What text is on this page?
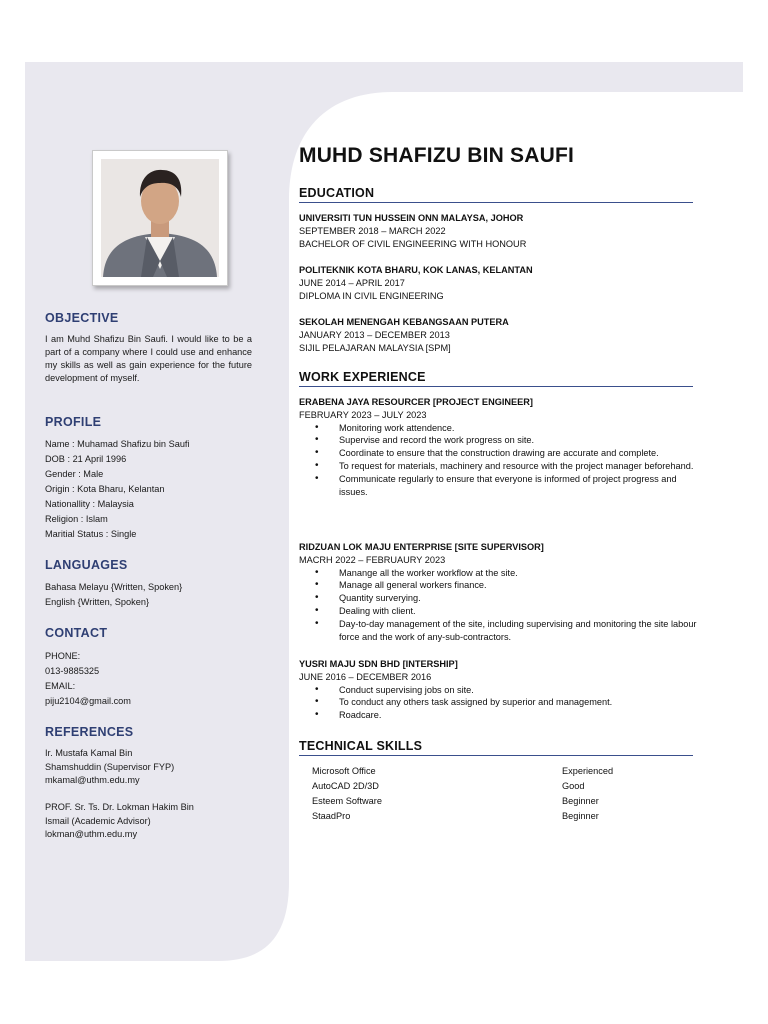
OBJECTIVE
I am Muhd Shafizu Bin Saufi. I would like to be a part of a company where I could use and enhance my skills as well as gain experience for the future development of myself.
PROFILE
Name : Muhamad Shafizu bin Saufi
DOB : 21 April 1996
Gender : Male
Origin : Kota Bharu, Kelantan
Nationallity : Malaysia
Religion : Islam
Maritial Status : Single
LANGUAGES
Bahasa Melayu {Written, Spoken}
English {Written, Spoken}
CONTACT
PHONE:
013-9885325
EMAIL:
piju2104@gmail.com
REFERENCES
Ir. Mustafa Kamal Bin
Shamshuddin (Supervisor FYP)
mkamal@uthm.edu.my
PROF. Sr. Ts. Dr. Lokman Hakim Bin
Ismail (Academic Advisor)
lokman@uthm.edu.my
MUHD SHAFIZU BIN SAUFI
EDUCATION
UNIVERSITI TUN HUSSEIN ONN MALAYSA, JOHOR
SEPTEMBER 2018 – MARCH 2022
BACHELOR OF CIVIL ENGINEERING WITH HONOUR
POLITEKNIK KOTA BHARU, KOK LANAS, KELANTAN
JUNE 2014 – APRIL 2017
DIPLOMA IN CIVIL ENGINEERING
SEKOLAH MENENGAH KEBANGSAAN PUTERA
JANUARY 2013 – DECEMBER 2013
SIJIL PELAJARAN MALAYSIA [SPM]
WORK EXPERIENCE
ERABENA JAYA RESOURCER [PROJECT ENGINEER]
FEBRUARY 2023 – JULY 2023
• Monitoring work attendence.
• Supervise and record the work progress on site.
• Coordinate to ensure that the construction drawing are accurate and complete.
• To request for materials, machinery and resource with the project manager beforehand.
• Communicate regularly to ensure that everyone is informed of project progress and issues.
RIDZUAN LOK MAJU ENTERPRISE [SITE SUPERVISOR]
MACRH 2022 – FEBRUAURY 2023
• Manange all the worker workflow at the site.
• Manage all general workers finance.
• Quantity surverying.
• Dealing with client.
• Day-to-day management of the site, including supervising and monitoring the site labour force and the work of any-sub-contractors.
YUSRI MAJU SDN BHD [INTERSHIP]
JUNE 2016 – DECEMBER 2016
• Conduct supervising jobs on site.
• To conduct any others task assigned by superior and management.
• Roadcare.
TECHNICAL SKILLS
Microsoft Office	Experienced
AutoCAD 2D/3D	Good
Esteem Software	Beginner
StaadPro	Beginner
